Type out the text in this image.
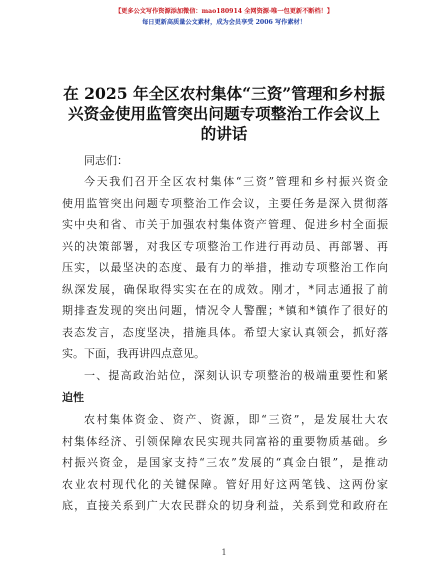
【更多公文写作资源添加微信：mao180914 全网资源·唯一包更新不断档！】
每日更新高质量公文素材，成为会员享受 2006 写作素材！
在 2025 年全区农村集体“三资”管理和乡村振
兴资金使用监管突出问题专项整治工作会议上
的讲话
同志们：
今天我们召开全区农村集体“三资”管理和乡村振兴资金
使用监管突出问题专项整治工作会议，主要任务是深入贯彻落
实中央和省、市关于加强农村集体资产管理、促进乡村全面振
兴的决策部署，对我区专项整治工作进行再动员、再部署、再
压实，以最坚决的态度、最有力的举措，推动专项整治工作向
纵深发展，确保取得实实在在的成效。刚才，*同志通报了前
期排查发现的突出问题，情况令人警醒；*镇和*镇作了很好的
表态发言，态度坚决，措施具体。希望大家认真领会，抓好落
实。下面，我再讲四点意见。
一、提高政治站位，深刻认识专项整治的极端重要性和紧
迫性
农村集体资金、资产、资源，即“三资”，是发展壮大农
村集体经济、引领保障农民实现共同富裕的重要物质基础。乡
村振兴资金，是国家支持“三农”发展的“真金白银”，是推动
农业农村现代化的关键保障。管好用好这两笔钱、这两份家
底，直接关系到广大农民群众的切身利益，关系到党和政府在
1
